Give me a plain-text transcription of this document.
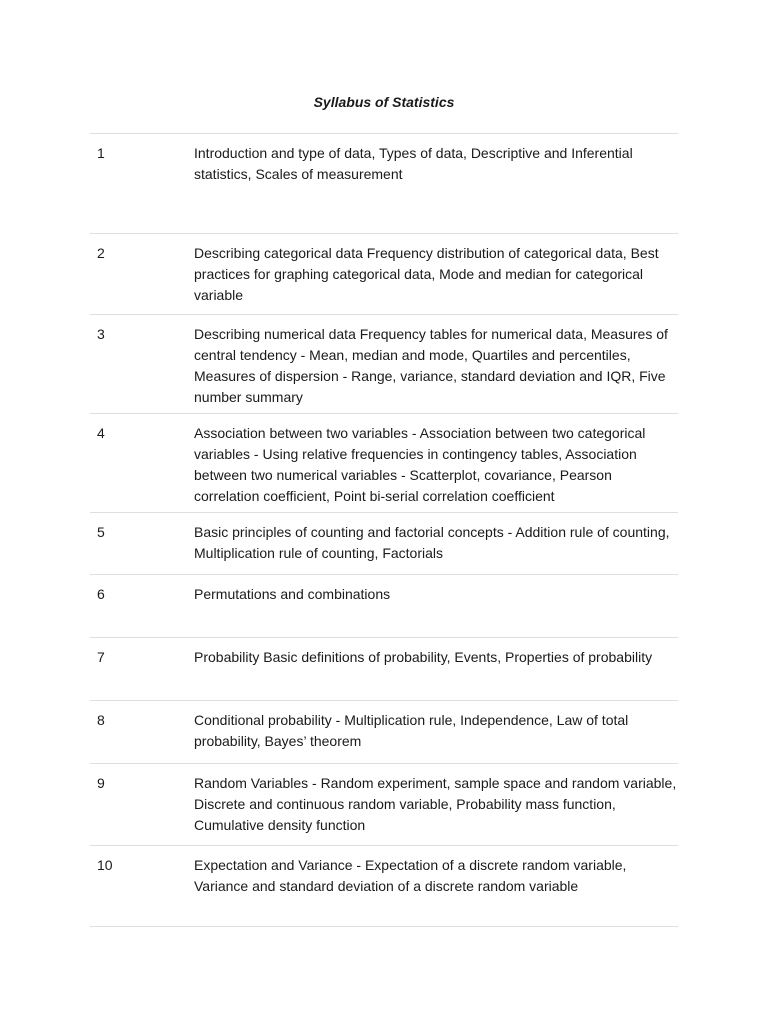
Syllabus of Statistics
1	Introduction and type of data, Types of data, Descriptive and Inferential statistics, Scales of measurement
2	Describing categorical data Frequency distribution of categorical data, Best practices for graphing categorical data, Mode and median for categorical variable
3	Describing numerical data Frequency tables for numerical data, Measures of central tendency - Mean, median and mode, Quartiles and percentiles, Measures of dispersion - Range, variance, standard deviation and IQR, Five number summary
4	Association between two variables - Association between two categorical variables - Using relative frequencies in contingency tables, Association between two numerical variables - Scatterplot, covariance, Pearson correlation coefficient, Point bi-serial correlation coefficient
5	Basic principles of counting and factorial concepts - Addition rule of counting, Multiplication rule of counting, Factorials
6	Permutations and combinations
7	Probability Basic definitions of probability, Events, Properties of probability
8	Conditional probability - Multiplication rule, Independence, Law of total probability, Bayes’ theorem
9	Random Variables - Random experiment, sample space and random variable, Discrete and continuous random variable, Probability mass function, Cumulative density function
10	Expectation and Variance - Expectation of a discrete random variable, Variance and standard deviation of a discrete random variable
